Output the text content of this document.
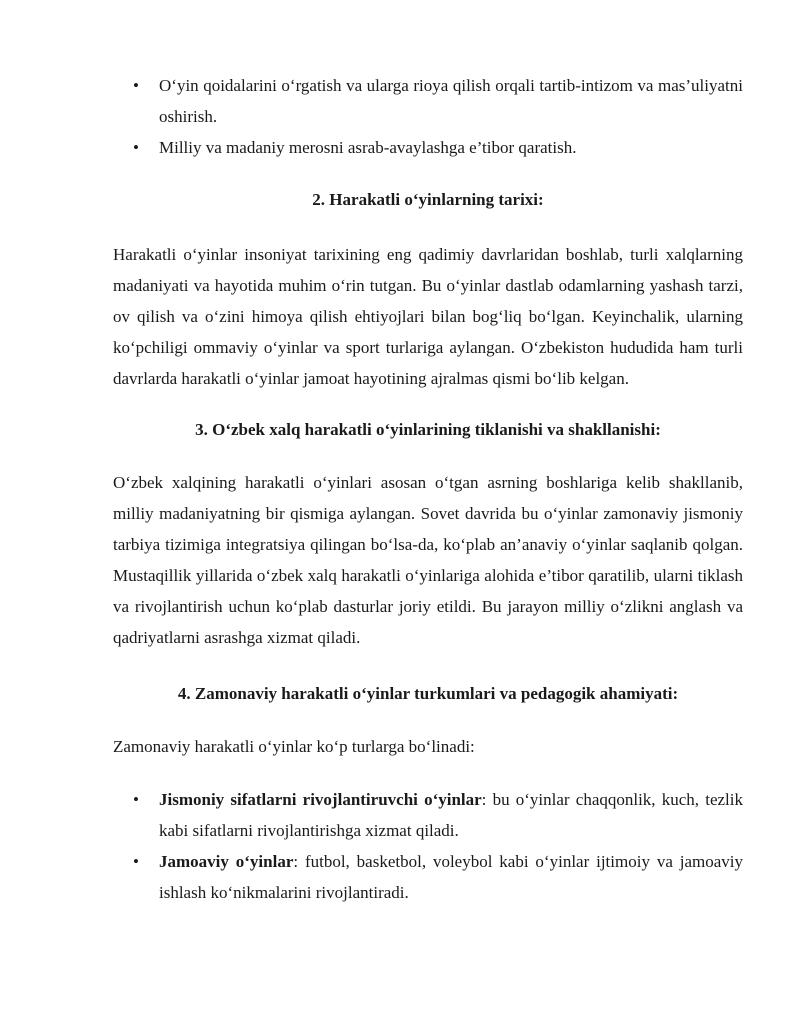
• O‘yin qoidalarini o‘rgatish va ularga rioya qilish orqali tartib-intizom va mas’uliyatni oshirish.
• Milliy va madaniy merosni asrab-avaylashga e’tibor qaratish.
2. Harakatli o‘yinlarning tarixi:

Harakatli o‘yinlar insoniyat tarixining eng qadimiy davrlaridan boshlab, turli xalqlarning madaniyati va hayotida muhim o‘rin tutgan. Bu o‘yinlar dastlab odamlarning yashash tarzi, ov qilish va o‘zini himoya qilish ehtiyojlari bilan bog‘liq bo‘lgan. Keyinchalik, ularning ko‘pchiligi ommaviy o‘yinlar va sport turlariga aylangan. O‘zbekiston hududida ham turli davrlarda harakatli o‘yinlar jamoat hayotining ajralmas qismi bo‘lib kelgan.

3. O‘zbek xalq harakatli o‘yinlarining tiklanishi va shakllanishi:

O‘zbek xalqining harakatli o‘yinlari asosan o‘tgan asrning boshlariga kelib shakllanib, milliy madaniyatning bir qismiga aylangan. Sovet davrida bu o‘yinlar zamonaviy jismoniy tarbiya tizimiga integratsiya qilingan bo‘lsa-da, ko‘plab an’anaviy o‘yinlar saqlanib qolgan. Mustaqillik yillarida o‘zbek xalq harakatli o‘yinlariga alohida e’tibor qaratilib, ularni tiklash va rivojlantirish uchun ko‘plab dasturlar joriy etildi. Bu jarayon milliy o‘zlikni anglash va qadriyatlarni asrashga xizmat qiladi.

4. Zamonaviy harakatli o‘yinlar turkumlari va pedagogik ahamiyati:

Zamonaviy harakatli o‘yinlar ko‘p turlarga bo‘linadi:

• Jismoniy sifatlarni rivojlantiruvchi o‘yinlar: bu o‘yinlar chaqqonlik, kuch, tezlik kabi sifatlarni rivojlantirishga xizmat qiladi.
• Jamoaviy o‘yinlar: futbol, basketbol, voleybol kabi o‘yinlar ijtimoiy va jamoaviy ishlash ko‘nikmalarini rivojlantiradi.
